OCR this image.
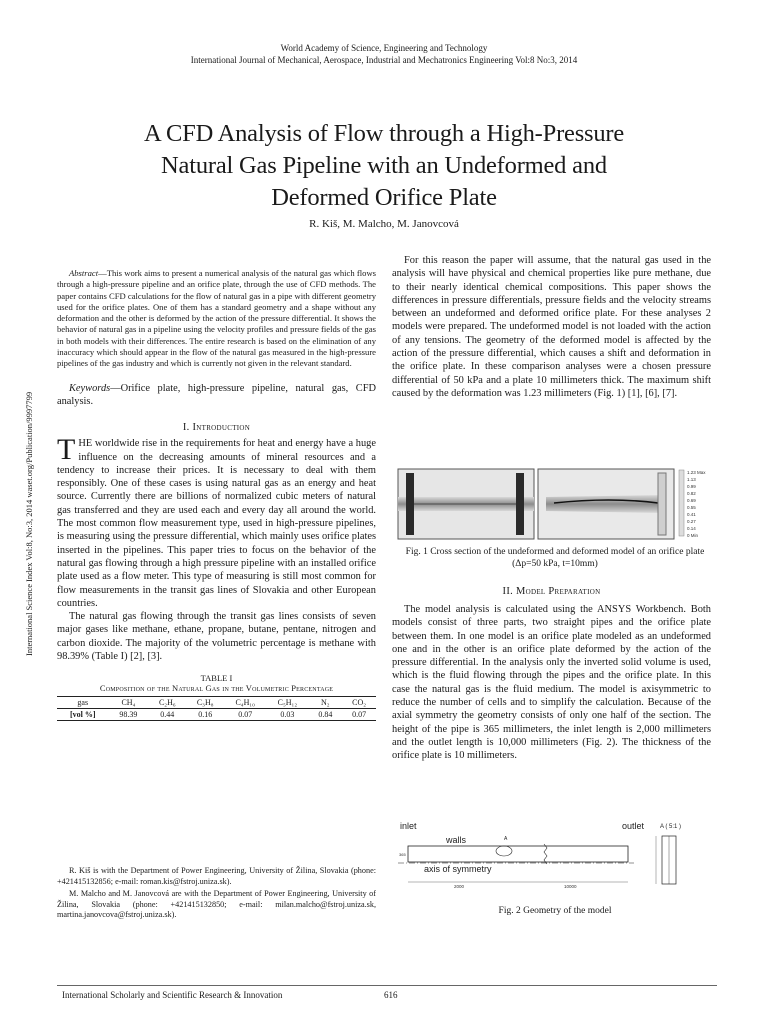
World Academy of Science, Engineering and Technology
International Journal of Mechanical, Aerospace, Industrial and Mechatronics Engineering Vol:8 No:3, 2014
A CFD Analysis of Flow through a High-Pressure
Natural Gas Pipeline with an Undeformed and
Deformed Orifice Plate
R. Kiš, M. Malcho, M. Janovcová
International Science Index Vol:8, No:3, 2014 waset.org/Publication/9997799

Abstract—This work aims to present a numerical analysis of the natural gas which flows through a high-pressure pipeline and an orifice plate, through the use of CFD methods. The paper contains CFD calculations for the flow of natural gas in a pipe with different geometry used for the orifice plates. One of them has a standard geometry and a shape without any deformation and the other is deformed by the action of the pressure differential. It shows the behavior of natural gas in a pipeline using the velocity profiles and pressure fields of the gas in both models with their differences. The entire research is based on the elimination of any inaccuracy which should appear in the flow of the natural gas measured in the high-pressure pipelines of the gas industry and which is currently not given in the relevant standard.

Keywords—Orifice plate, high-pressure pipeline, natural gas, CFD analysis.

I. Introduction

THE worldwide rise in the requirements for heat and energy have a huge influence on the decreasing amounts of mineral resources and a tendency to increase their prices. It is necessary to deal with them responsibly. One of these cases is using natural gas as an energy and heat source. Currently there are billions of normalized cubic meters of natural gas transferred and they are used each and every day all around the world. The most common flow measurement type, used in high-pressure pipelines, is measuring using the pressure differential, which mainly uses orifice plates inserted in the pipelines. This paper tries to focus on the behavior of the natural gas flowing through a high pressure pipeline with an installed orifice plate used as a flow meter. This type of measuring is still most common for flow measurements in the transit gas lines of Slovakia and other European countries.

The natural gas flowing through the transit gas lines consists of seven major gases like methane, ethane, propane, butane, pentane, nitrogen and carbon dioxide. The majority of the volumetric percentage is methane with 98.39% (Table I) [2], [3].

TABLE I
Composition of the Natural Gas in the Volumetric Percentage
gas	CH₄	C₂H₆	C₃H₈	C₄H₁₀	C₅H₁₂	N₂	CO₂
[vol %]	98.39	0.44	0.16	0.07	0.03	0.84	0.07

R. Kiš is with the Department of Power Engineering, University of Žilina, Slovakia (phone: +421415132856; e-mail: roman.kis@fstroj.uniza.sk).

M. Malcho and M. Janovcová are with the Department of Power Engineering, University of Žilina, Slovakia (phone: +421415132850; e-mail: milan.malcho@fstroj.uniza.sk, martina.janovcova@fstroj.uniza.sk).

For this reason the paper will assume, that the natural gas used in the analysis will have physical and chemical properties like pure methane, due to their nearly identical chemical compositions. This paper shows the differences in pressure differentials, pressure fields and the velocity streams between an undeformed and deformed orifice plate. For these analyses 2 models were prepared. The undeformed model is not loaded with the action of any tensions. The geometry of the deformed model is affected by the action of the pressure differential, which causes a shift and deformation in the orifice plate. In these comparison analyses were a chosen pressure differential of 50 kPa and a plate 10 millimeters thick. The maximum shift caused by the deformation was 1.23 millimeters (Fig. 1) [1], [6], [7].

1.23 Max
1.13
0.99
0.82
0.69
0.55
0.41
0.27
0.14
0 Min
Fig. 1 Cross section of the undeformed and deformed model of an orifice plate (Δp=50 kPa, t=10mm)
II. Model Preparation

The model analysis is calculated using the ANSYS Workbench. Both models consist of three parts, two straight pipes and the orifice plate between them. In one model is an orifice plate modeled as an undeformed one and in the other is an orifice plate deformed by the action of the pressure differential. In the analysis only the inverted solid volume is used, which is the fluid flowing through the pipes and the orifice plate. In this case the natural gas is the fluid medium. The model is axisymmetric to reduce the number of cells and to simplify the calculation. Because of the axial symmetry the geometry consists of only one half of the section. The height of the pipe is 365 millimeters, the inlet length is 2,000 millimeters and the outlet length is 10,000 millimeters (Fig. 2). The thickness of the orifice plate is 10 millimeters.

inlet
walls
outlet
axis of symmetry
A
A ( 5:1 )
2000	10000
365
Fig. 2 Geometry of the model
International Scholarly and Scientific Research & Innovation	616
